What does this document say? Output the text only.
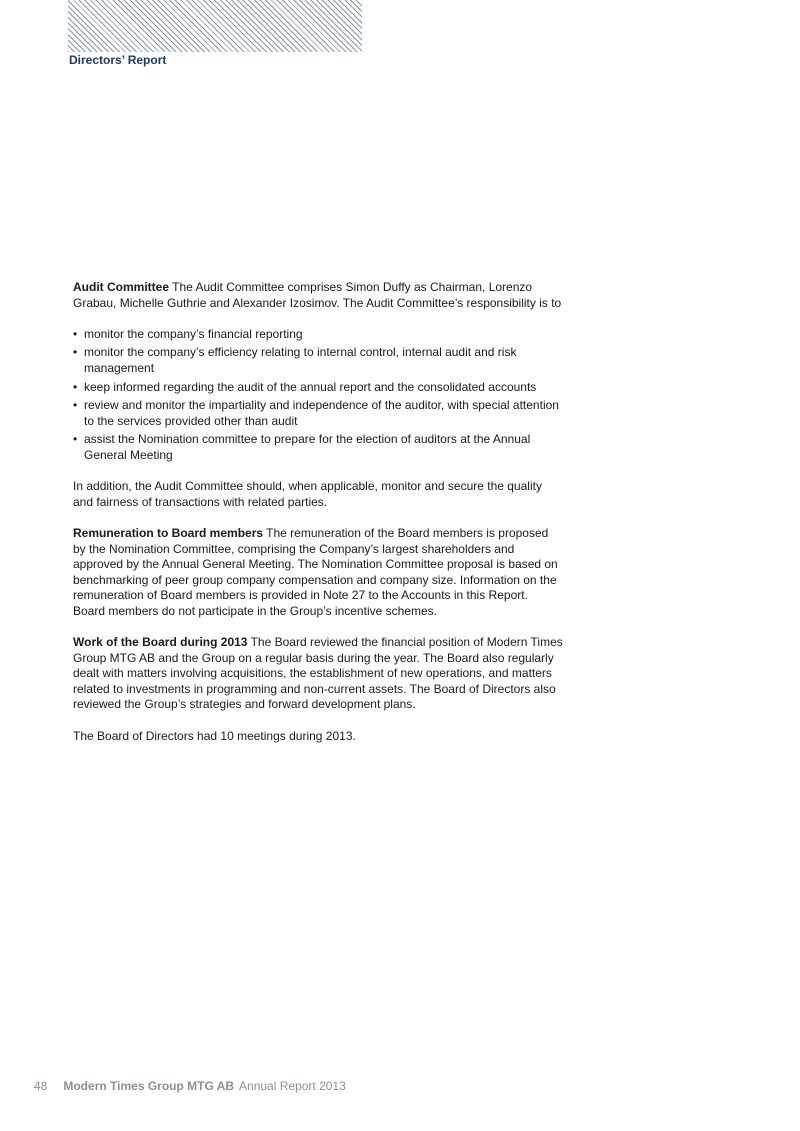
Directors’ Report

Audit Committee The Audit Committee comprises Simon Duffy as Chairman, Lorenzo Grabau, Michelle Guthrie and Alexander Izosimov. The Audit Committee’s responsibility is to

• monitor the company’s financial reporting
• monitor the company’s efficiency relating to internal control, internal audit and risk management
• keep informed regarding the audit of the annual report and the consolidated accounts
• review and monitor the impartiality and independence of the auditor, with special attention to the services provided other than audit
• assist the Nomination committee to prepare for the election of auditors at the Annual General Meeting

In addition, the Audit Committee should, when applicable, monitor and secure the quality and fairness of transactions with related parties.

Remuneration to Board members The remuneration of the Board members is proposed by the Nomination Committee, comprising the Company’s largest shareholders and approved by the Annual General Meeting. The Nomination Committee proposal is based on benchmarking of peer group company compensation and company size. Information on the remuneration of Board members is provided in Note 27 to the Accounts in this Report. Board members do not participate in the Group’s incentive schemes.

Work of the Board during 2013 The Board reviewed the financial position of Modern Times Group MTG AB and the Group on a regular basis during the year. The Board also regularly dealt with matters involving acquisitions, the establishment of new operations, and matters related to investments in programming and non-current assets. The Board of Directors also reviewed the Group’s strategies and forward development plans.

The Board of Directors had 10 meetings during 2013.

48 Modern Times Group MTG AB Annual Report 2013
